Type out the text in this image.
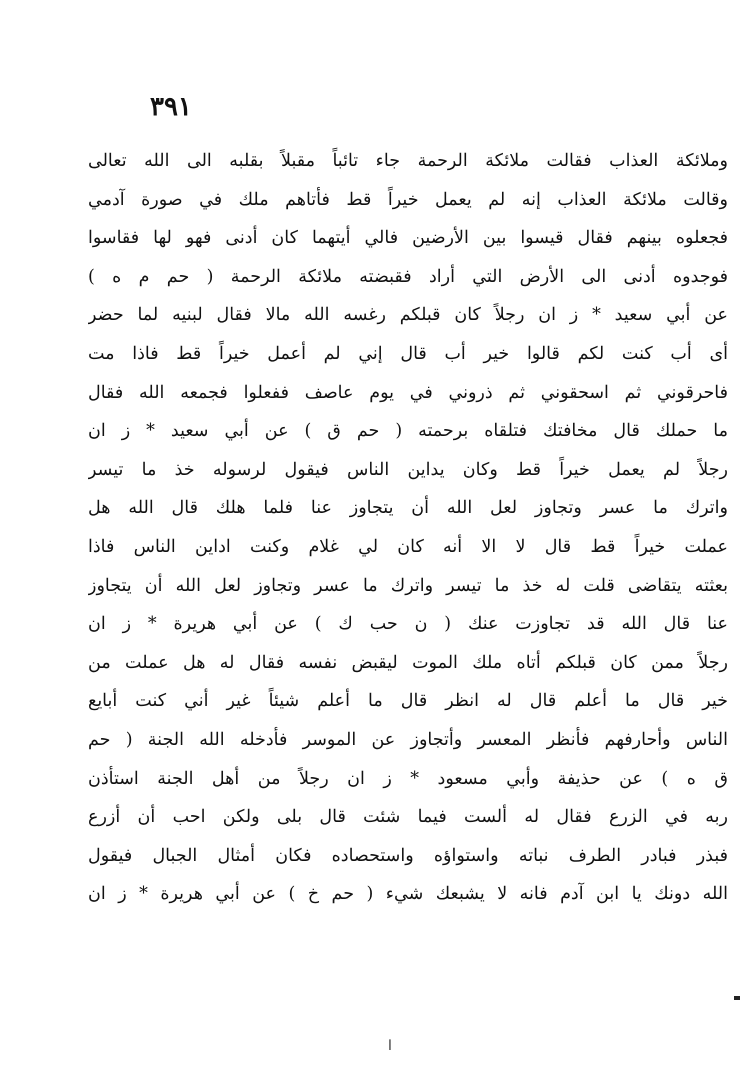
٣٩١
وملائكة العذاب فقالت ملائكة الرحمة جاء تائباً مقبلاً بقلبه الى الله تعالى
وقالت ملائكة العذاب إنه لم يعمل خيراً قط فأتاهم ملك في صورة آدمي
فجعلوه بينهم فقال قيسوا بين الأرضين فالي أيتهما كان أدنى فهو لها فقاسوا
فوجدوه أدنى الى الأرض التي أراد فقبضته ملائكة الرحمة ( حم م ه )
عن أبي سعيد * ز ان رجلاً كان قبلكم رغسه الله مالا فقال لبنيه لما حضر
أى أب كنت لكم قالوا خير أب قال إني لم أعمل خيراً قط فاذا مت
فاحرقوني ثم اسحقوني ثم ذروني في يوم عاصف ففعلوا فجمعه الله فقال
ما حملك قال مخافتك فتلقاه برحمته ( حم ق ) عن أبي سعيد * ز ان
رجلاً لم يعمل خيراً قط وكان يداين الناس فيقول لرسوله خذ ما تيسر
واترك ما عسر وتجاوز لعل الله أن يتجاوز عنا فلما هلك قال الله هل
عملت خيراً قط قال لا الا أنه كان لي غلام وكنت اداين الناس فاذا
بعثته يتقاضى قلت له خذ ما تيسر واترك ما عسر وتجاوز لعل الله أن يتجاوز
عنا قال الله قد تجاوزت عنك ( ن حب ك ) عن أبي هريرة * ز ان
رجلاً ممن كان قبلكم أتاه ملك الموت ليقبض نفسه فقال له هل عملت من
خير قال ما أعلم قال له انظر قال ما أعلم شيئاً غير أني كنت أبايع
الناس وأحارفهم فأنظر المعسر وأتجاوز عن الموسر فأدخله الله الجنة ( حم
ق ه ) عن حذيفة وأبي مسعود * ز ان رجلاً من أهل الجنة استأذن
ربه في الزرع فقال له ألست فيما شئت قال بلى ولكن احب أن أزرع
فبذر فبادر الطرف نباته واستواؤه واستحصاده فكان أمثال الجبال فيقول
الله دونك يا ابن آدم فانه لا يشبعك شيء ( حم خ ) عن أبي هريرة * ز ان
ا
